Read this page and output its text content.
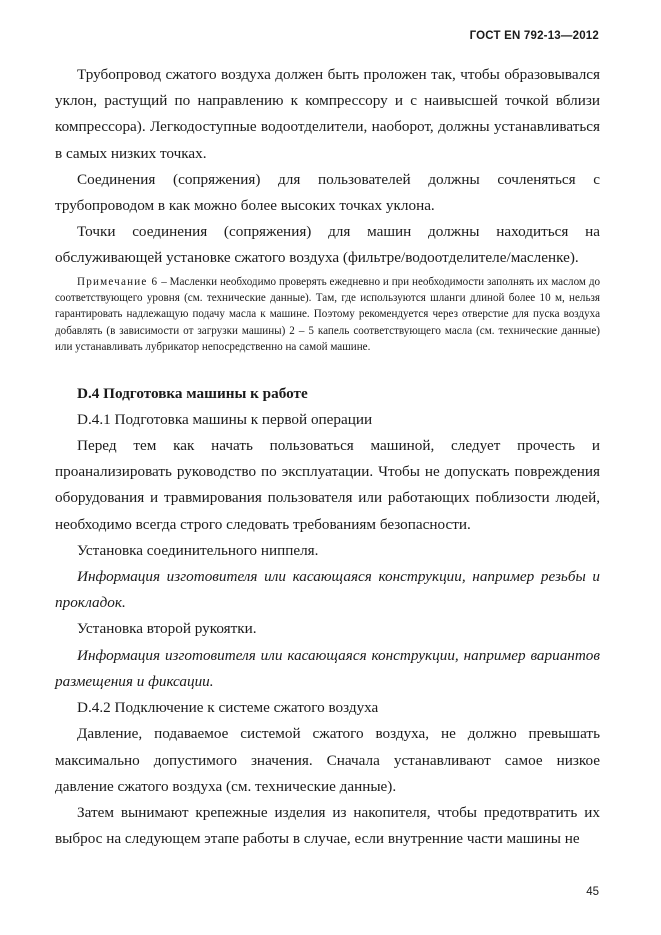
ГОСТ EN 792-13—2012

Трубопровод сжатого воздуха должен быть проложен так, чтобы образовывался уклон, растущий по направлению к компрессору и с наивысшей точкой вблизи компрессора). Легкодоступные водоотделители, наоборот, должны устанавливаться в самых низких точках.

Соединения (сопряжения) для пользователей должны сочленяться с трубопроводом в как можно более высоких точках уклона.

Точки соединения (сопряжения) для машин должны находиться на обслуживающей установке сжатого воздуха (фильтре/водоотделителе/масленке).

Примечание 6 – Масленки необходимо проверять ежедневно и при необходимости заполнять их маслом до соответствующего уровня (см. технические данные). Там, где используются шланги длиной более 10 м, нельзя гарантировать надлежащую подачу масла к машине. Поэтому рекомендуется через отверстие для пуска воздуха добавлять (в зависимости от загрузки машины) 2 – 5 капель соответствующего масла (см. технические данные) или устанавливать лубрикатор непосредственно на самой машине.

D.4 Подготовка машины к работе

D.4.1 Подготовка машины к первой операции

Перед тем как начать пользоваться машиной, следует прочесть и проанализировать руководство по эксплуатации. Чтобы не допускать повреждения оборудования и травмирования пользователя или работающих поблизости людей, необходимо всегда строго следовать требованиям безопасности.

Установка соединительного ниппеля.

Информация изготовителя или касающаяся конструкции, например резьбы и прокладок.

Установка второй рукоятки.

Информация изготовителя или касающаяся конструкции, например вариантов размещения и фиксации.

D.4.2 Подключение к системе сжатого воздуха

Давление, подаваемое системой сжатого воздуха, не должно превышать максимально допустимого значения. Сначала устанавливают самое низкое давление сжатого воздуха (см. технические данные).

Затем вынимают крепежные изделия из накопителя, чтобы предотвратить их выброс на следующем этапе работы в случае, если внутренние части машины не

45
